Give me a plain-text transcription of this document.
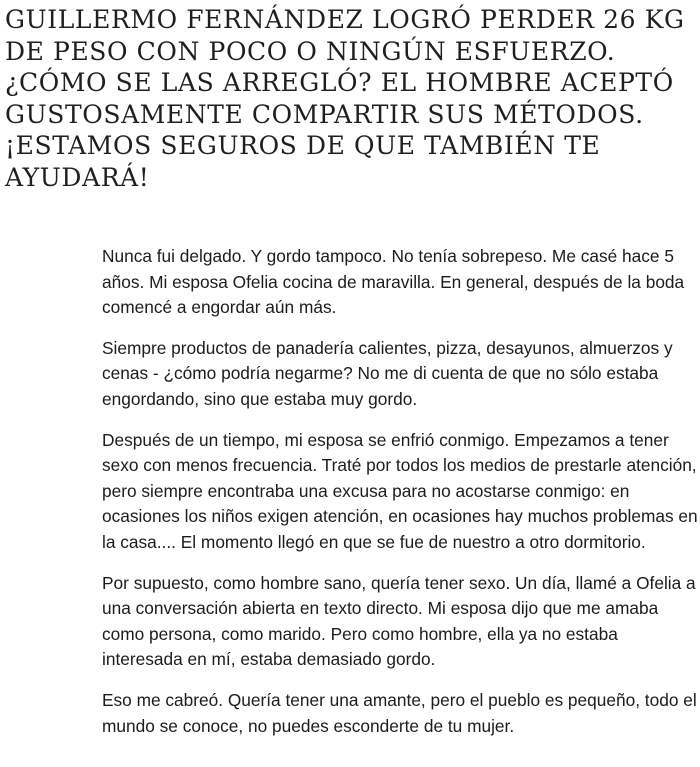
GUILLERMO FERNÁNDEZ LOGRÓ PERDER 26 KG DE PESO CON POCO O NINGÚN ESFUERZO. ¿CÓMO SE LAS ARREGLÓ? EL HOMBRE ACEPTÓ GUSTOSAMENTE COMPARTIR SUS MÉTODOS. ¡ESTAMOS SEGUROS DE QUE TAMBIÉN TE AYUDARÁ!

Nunca fui delgado. Y gordo tampoco. No tenía sobrepeso. Me casé hace 5 años. Mi esposa Ofelia cocina de maravilla. En general, después de la boda comencé a engordar aún más.

Siempre productos de panadería calientes, pizza, desayunos, almuerzos y cenas - ¿cómo podría negarme? No me di cuenta de que no sólo estaba engordando, sino que estaba muy gordo.

Después de un tiempo, mi esposa se enfrió conmigo. Empezamos a tener sexo con menos frecuencia. Traté por todos los medios de prestarle atención, pero siempre encontraba una excusa para no acostarse conmigo: en ocasiones los niños exigen atención, en ocasiones hay muchos problemas en la casa.... El momento llegó en que se fue de nuestro a otro dormitorio.

Por supuesto, como hombre sano, quería tener sexo. Un día, llamé a Ofelia a una conversación abierta en texto directo. Mi esposa dijo que me amaba como persona, como marido. Pero como hombre, ella ya no estaba interesada en mí, estaba demasiado gordo.

Eso me cabreó. Quería tener una amante, pero el pueblo es pequeño, todo el mundo se conoce, no puedes esconderte de tu mujer.
